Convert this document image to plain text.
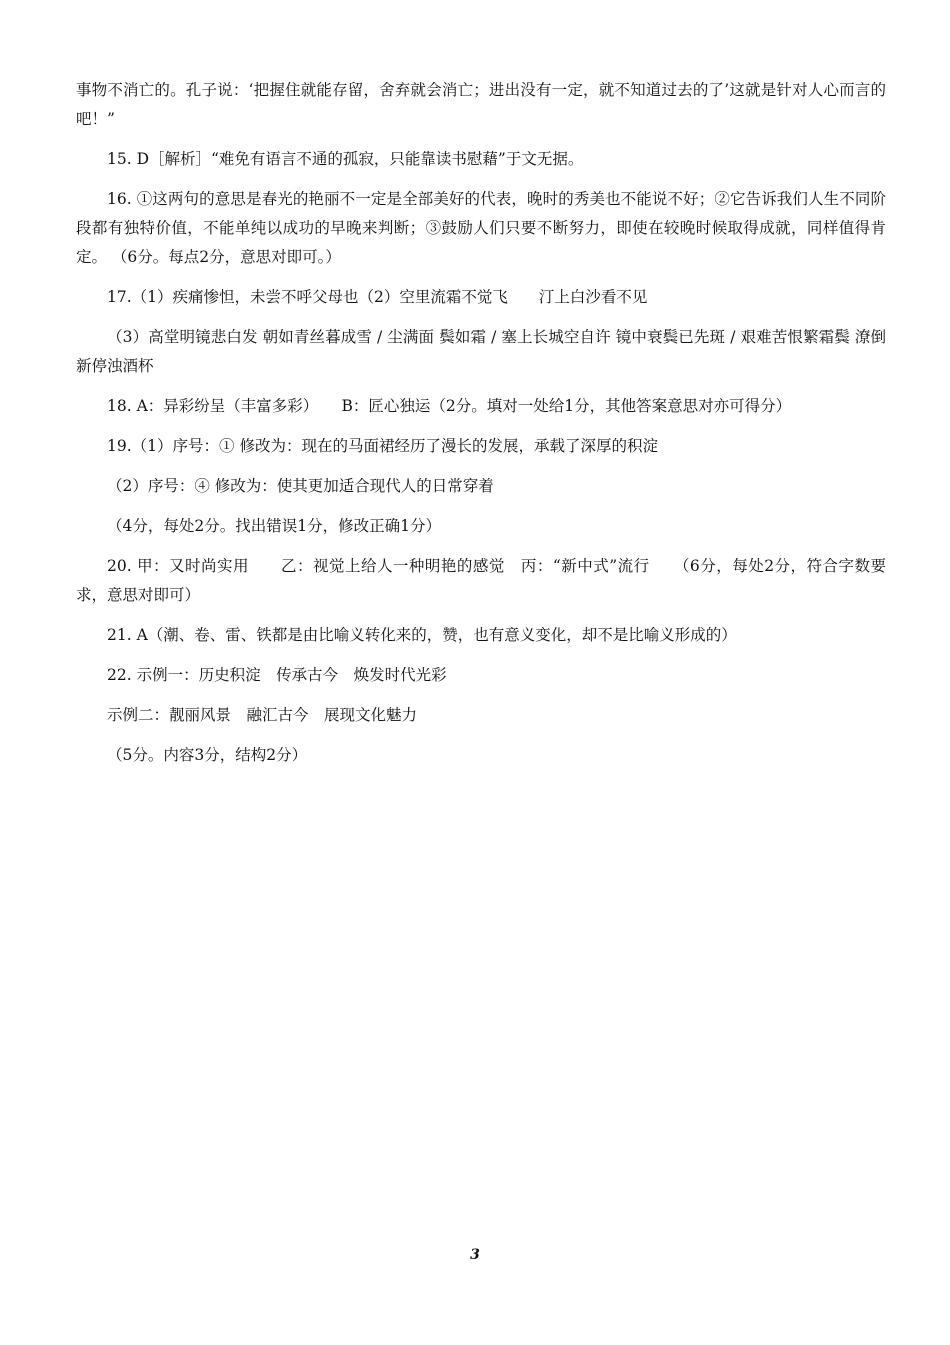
事物不消亡的。孔子说：‘把握住就能存留，舍弃就会消亡；进出没有一定，就不知道过去的了’这就是针对人心而言的吧！”

15. D［解析］“难免有语言不通的孤寂，只能靠读书慰藉”于文无据。

16. ①这两句的意思是春光的艳丽不一定是全部美好的代表，晚时的秀美也不能说不好；②它告诉我们人生不同阶段都有独特价值，不能单纯以成功的早晚来判断；③鼓励人们只要不断努力，即使在较晚时候取得成就，同样值得肯定。 （6分。每点2分，意思对即可。）

17.（1）疾痛惨怛，未尝不呼父母也（2）空里流霜不觉飞　　汀上白沙看不见

（3）高堂明镜悲白发 朝如青丝暮成雪 / 尘满面 鬓如霜 / 塞上长城空自许 镜中衰鬓已先斑 / 艰难苦恨繁霜鬓 潦倒新停浊酒杯

18. A：异彩纷呈（丰富多彩）　　B：匠心独运（2分。填对一处给1分，其他答案意思对亦可得分）

19.（1）序号：① 修改为：现在的马面裙经历了漫长的发展，承载了深厚的积淀

（2）序号：④ 修改为：使其更加适合现代人的日常穿着

（4分，每处2分。找出错误1分，修改正确1分）

20. 甲：又时尚实用　　乙：视觉上给人一种明艳的感觉　丙：“新中式”流行　　（6分，每处2分，符合字数要求，意思对即可）

21. A（潮、卷、雷、铁都是由比喻义转化来的，赞，也有意义变化，却不是比喻义形成的）

22. 示例一：历史积淀　传承古今　焕发时代光彩

示例二：靓丽风景　融汇古今　展现文化魅力

（5分。内容3分，结构2分）

3
